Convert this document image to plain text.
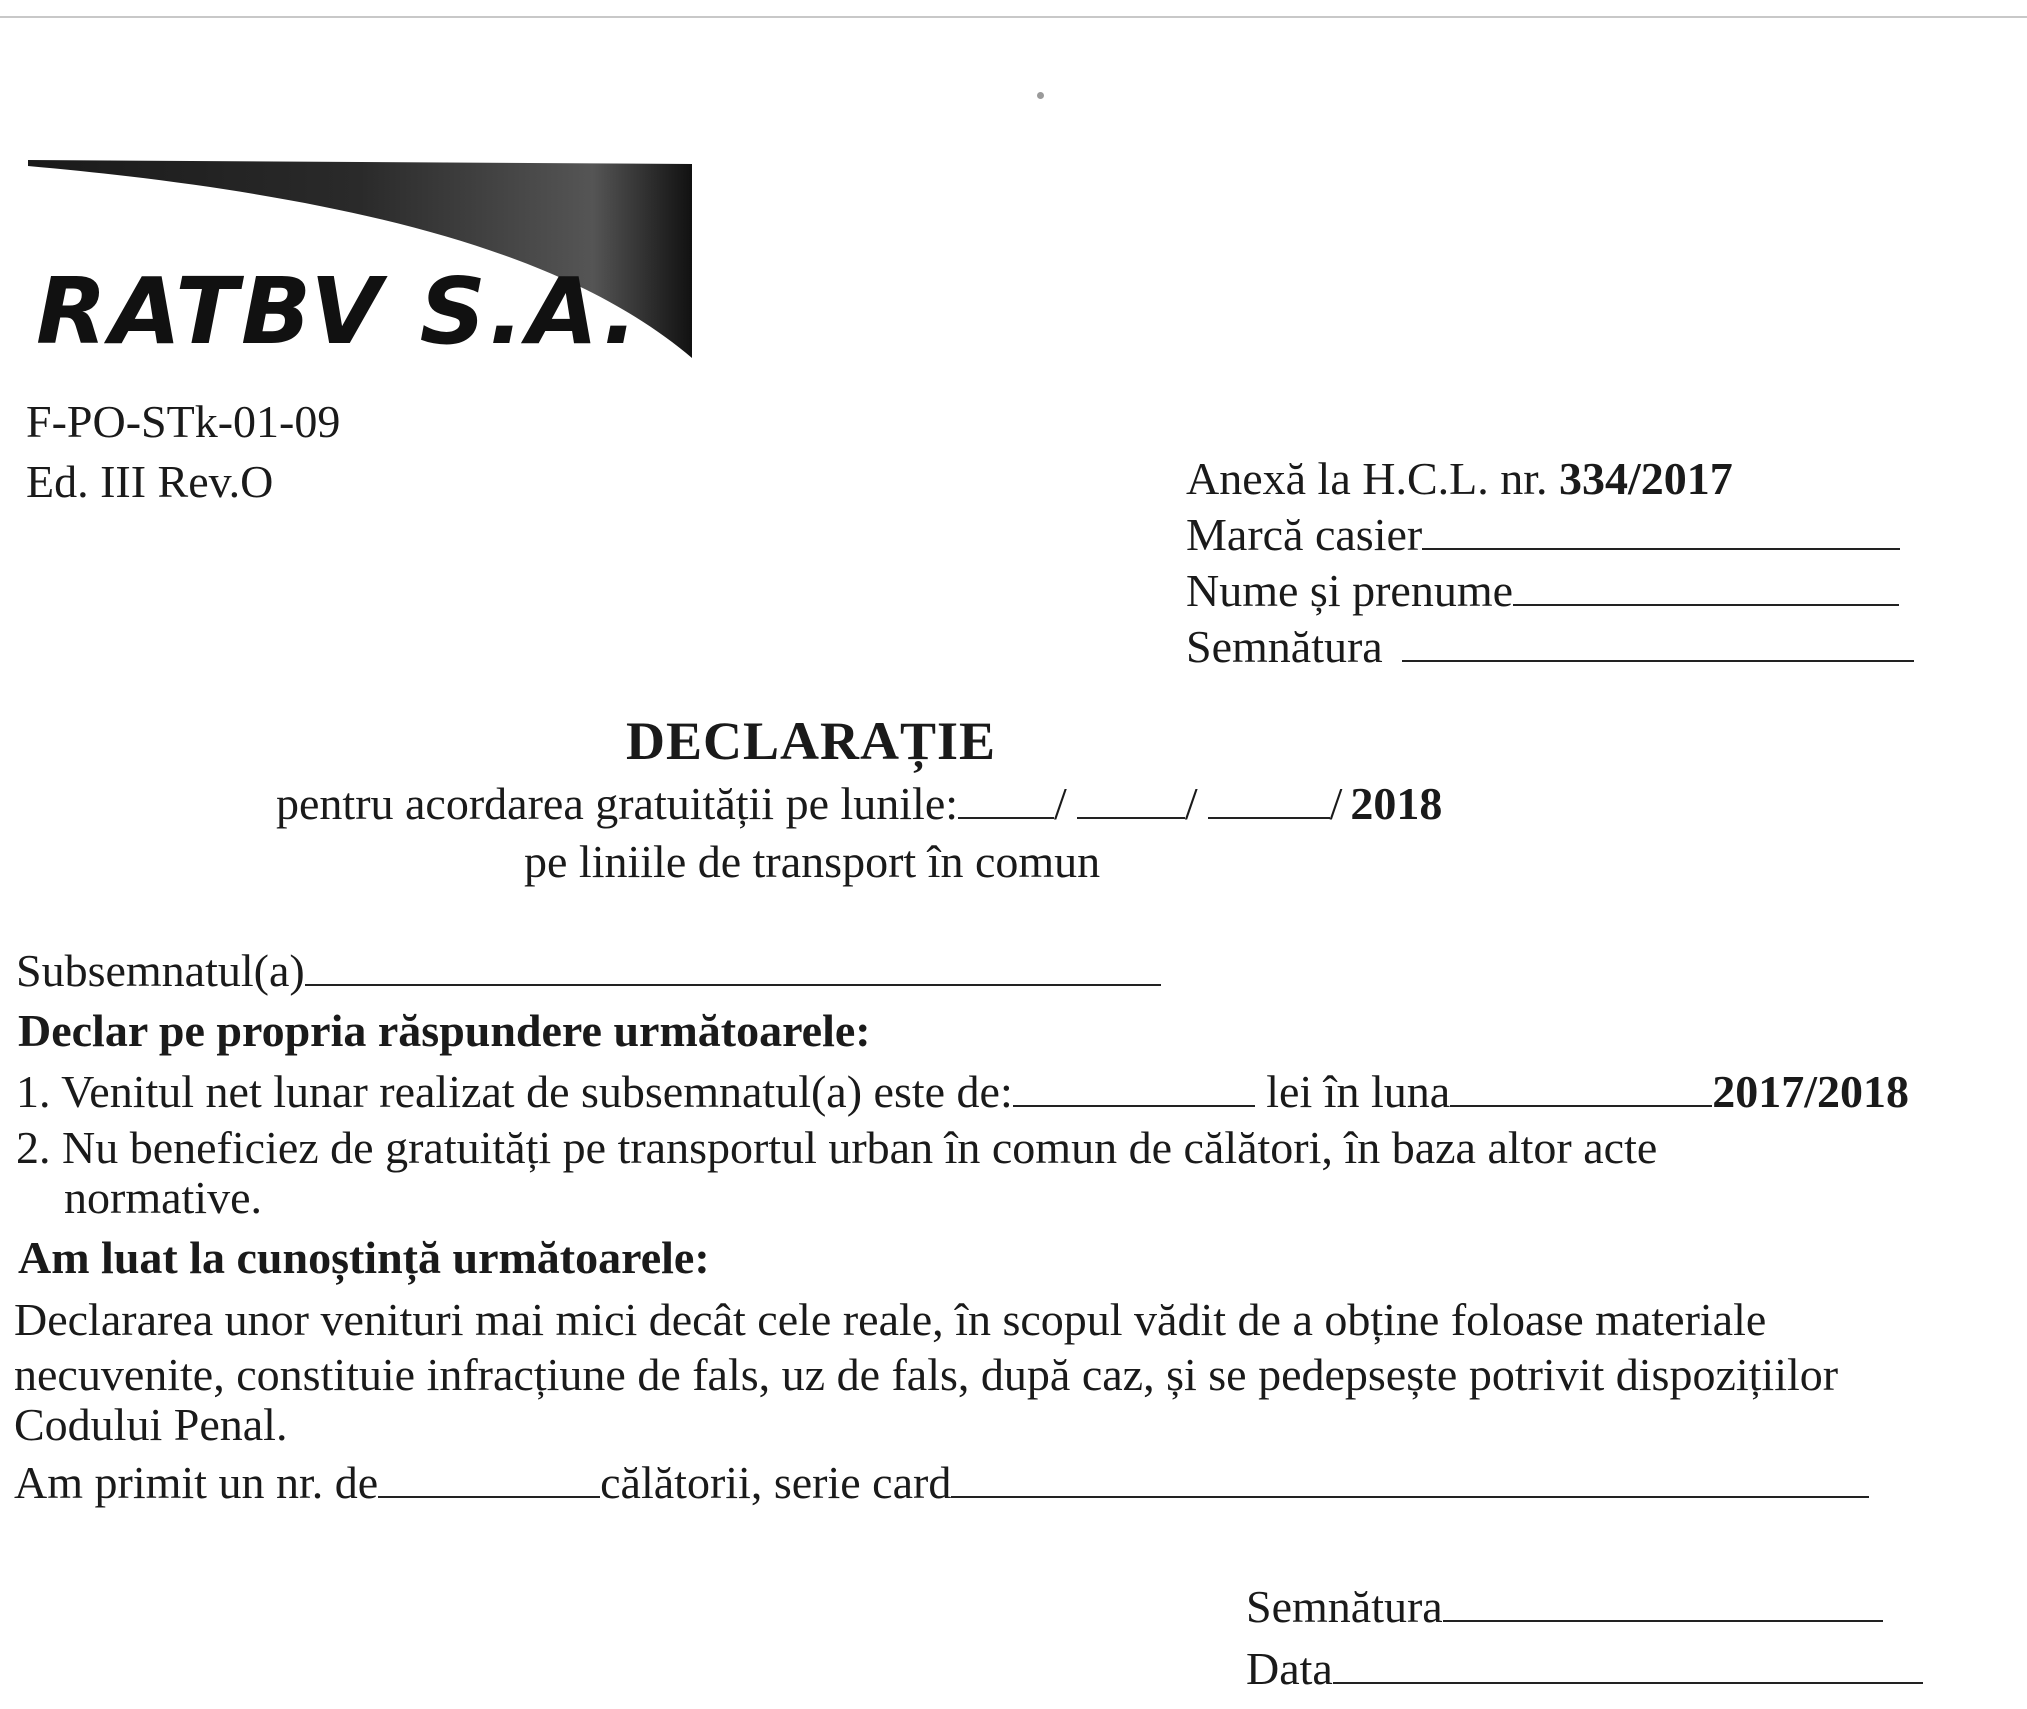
RATBV S.A.
F-PO-STk-01-09
Ed. III Rev.O	Anexă la H.C.L. nr. 334/2017
Marcă casier
Nume și prenume
Semnătura
DECLARAȚIE
pentru acordarea gratuității pe lunile: /	/	/ 2018
pe liniile de transport în comun
Subsemnatul(a)
Declar pe propria răspundere următoarele:
1. Venitul net lunar realizat de subsemnatul(a) este de:	lei în luna	2017/2018
2. Nu beneficiez de gratuități pe transportul urban în comun de călători, în baza altor acte
normative.
Am luat la cunoștință următoarele:
Declararea unor venituri mai mici decât cele reale, în scopul vădit de a obține foloase materiale
necuvenite, constituie infracțiune de fals, uz de fals, după caz, și se pedepsește potrivit dispozițiilor
Codului Penal.
Am primit un nr. de	călătorii, serie card
Semnătura
Data
